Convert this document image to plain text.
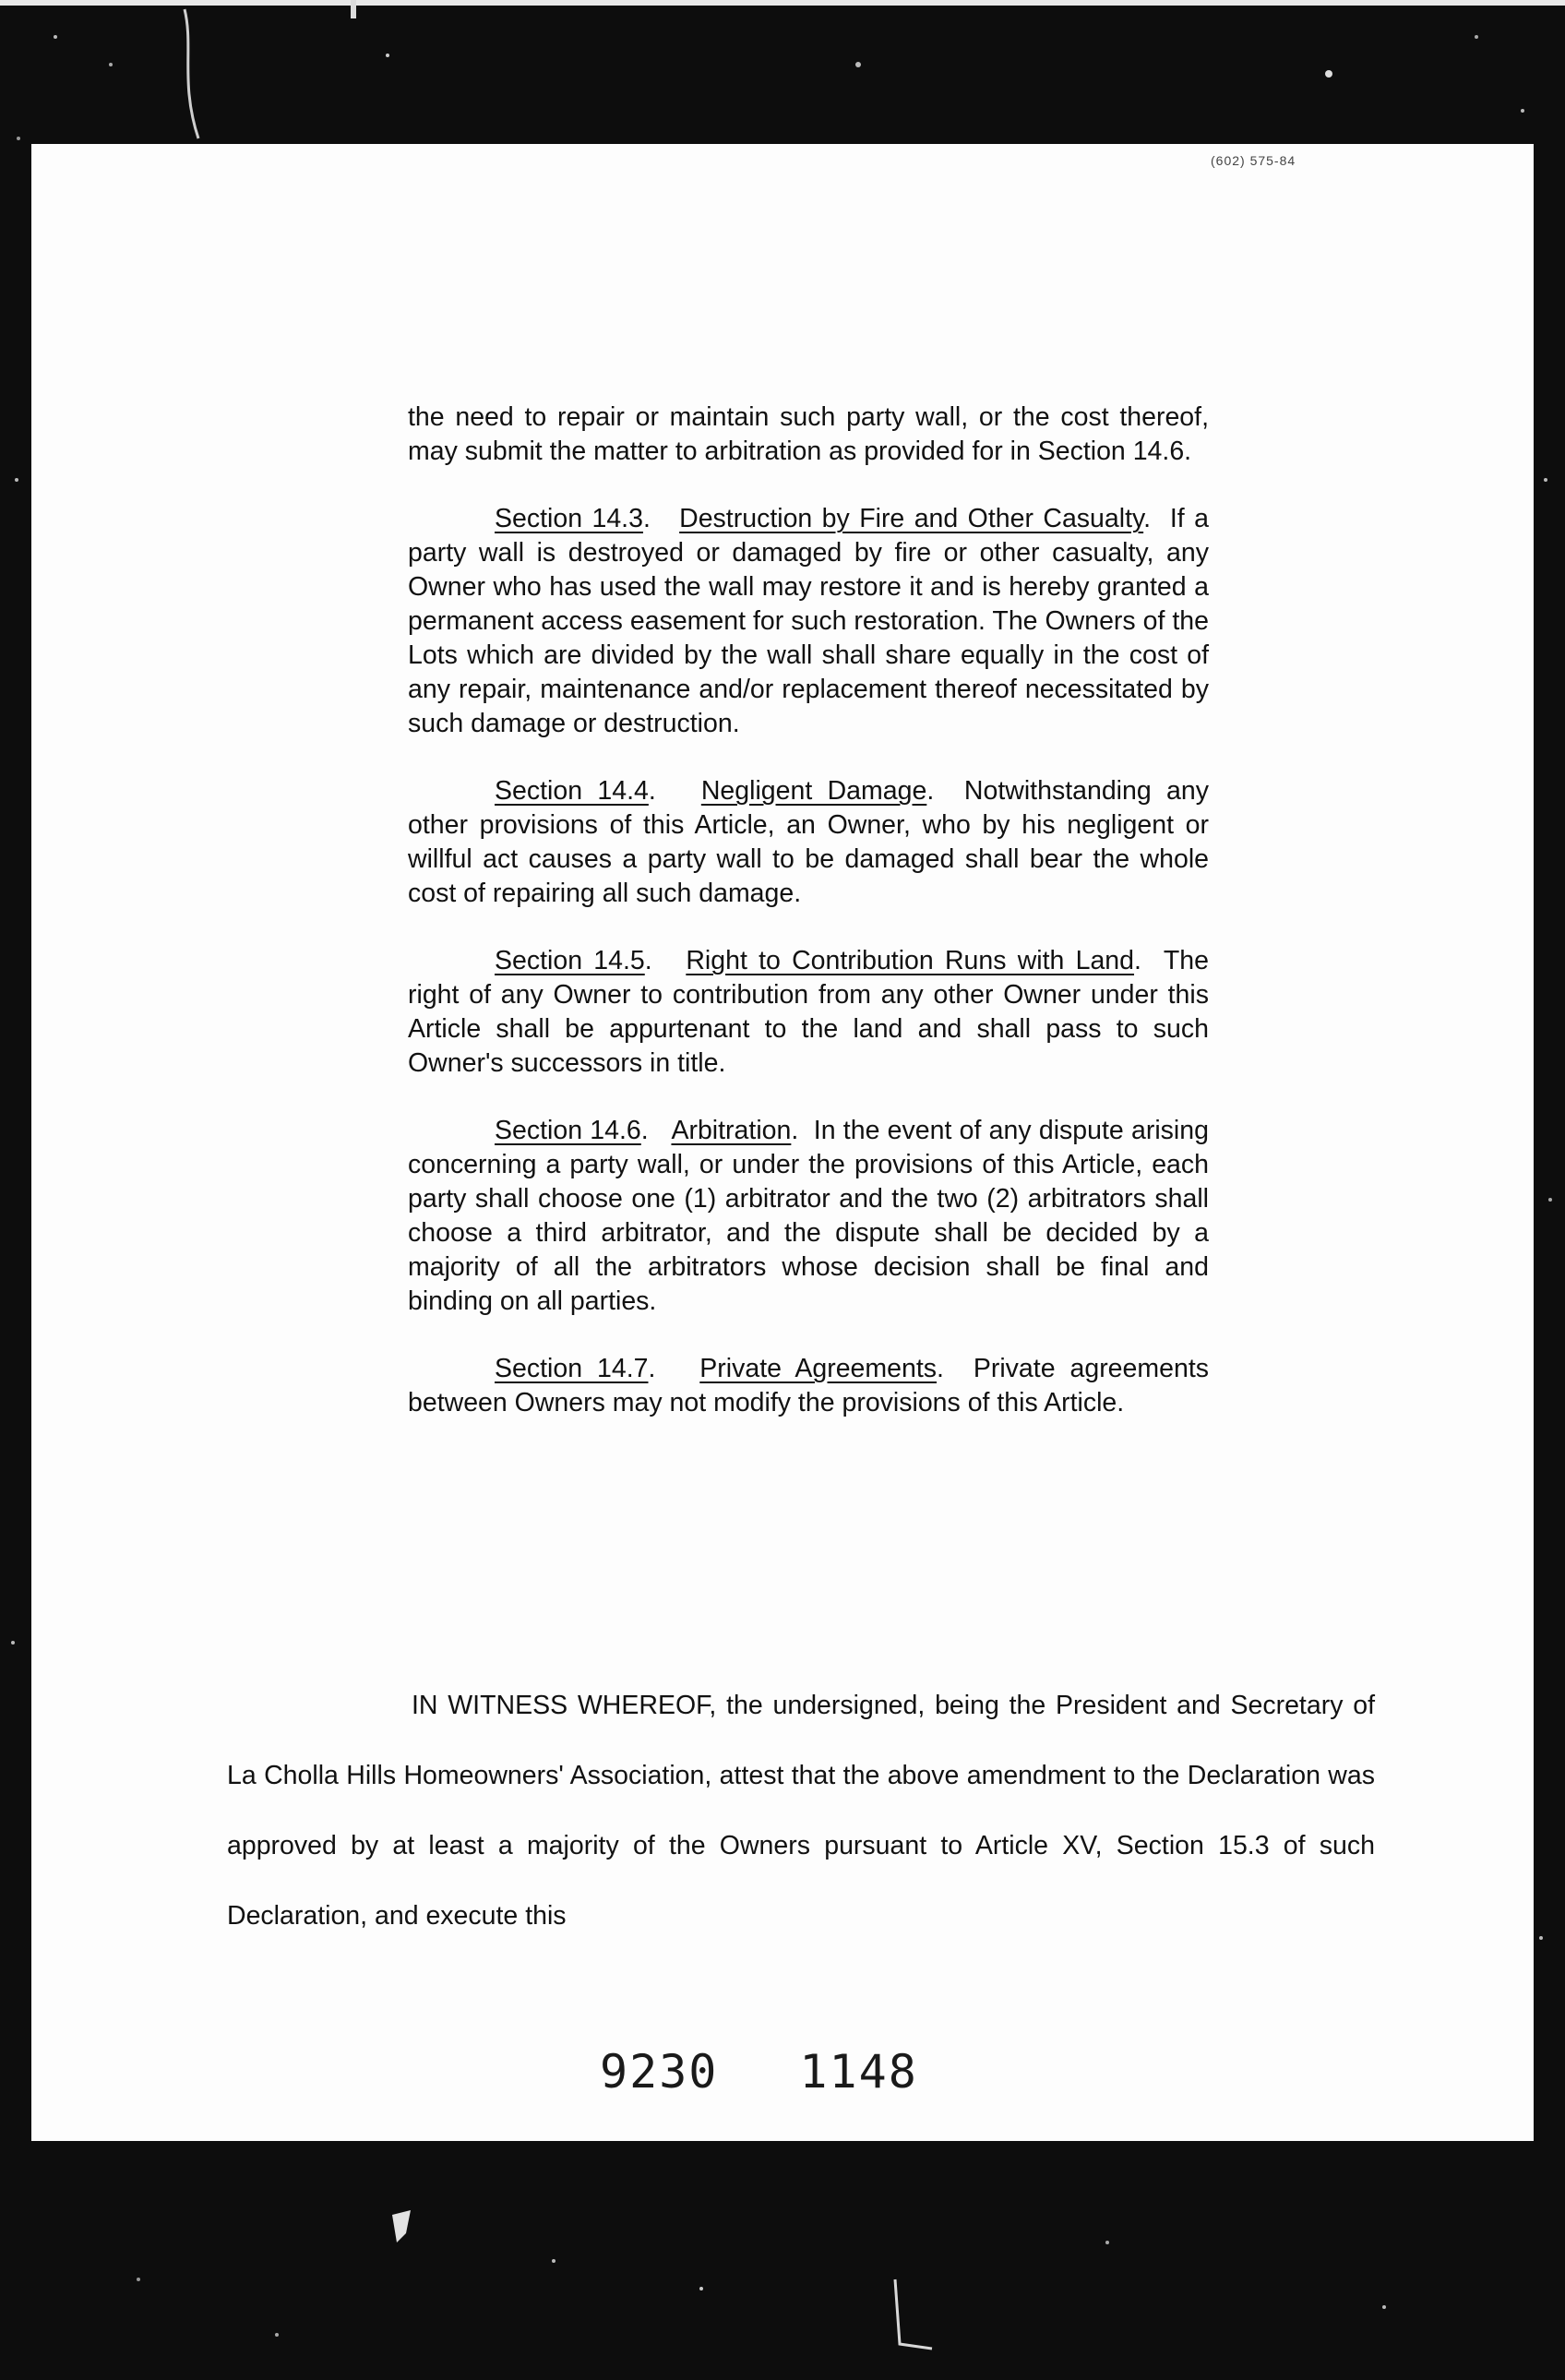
(602) 575-84

the need to repair or maintain such party wall, or the cost thereof, may submit the matter to arbitration as provided for in Section 14.6.

Section 14.3.   Destruction by Fire and Other Casualty.  If a party wall is destroyed or damaged by fire or other casualty, any Owner who has used the wall may restore it and is hereby granted a permanent access easement for such restoration. The Owners of the Lots which are divided by the wall shall share equally in the cost of any repair, maintenance and/or replacement thereof necessitated by such damage or destruction.

Section 14.4.   Negligent Damage.  Notwithstanding any other provisions of this Article, an Owner, who by his negligent or willful act causes a party wall to be damaged shall bear the whole cost of repairing all such damage.

Section 14.5.   Right to Contribution Runs with Land.  The right of any Owner to contribution from any other Owner under this Article shall be appurtenant to the land and shall pass to such Owner's successors in title.

Section 14.6.   Arbitration.  In the event of any dispute arising concerning a party wall, or under the provisions of this Article, each party shall choose one (1) arbitrator and the two (2) arbitrators shall choose a third arbitrator, and the dispute shall be decided by a majority of all the arbitrators whose decision shall be final and binding on all parties.

Section 14.7.   Private Agreements.  Private agreements between Owners may not modify the provisions of this Article.

IN WITNESS WHEREOF, the undersigned, being the President and Secretary of La Cholla Hills Homeowners' Association, attest that the above amendment to the Declaration was approved by at least a majority of the Owners pursuant to Article XV, Section 15.3 of such Declaration, and execute this
9230 1148
